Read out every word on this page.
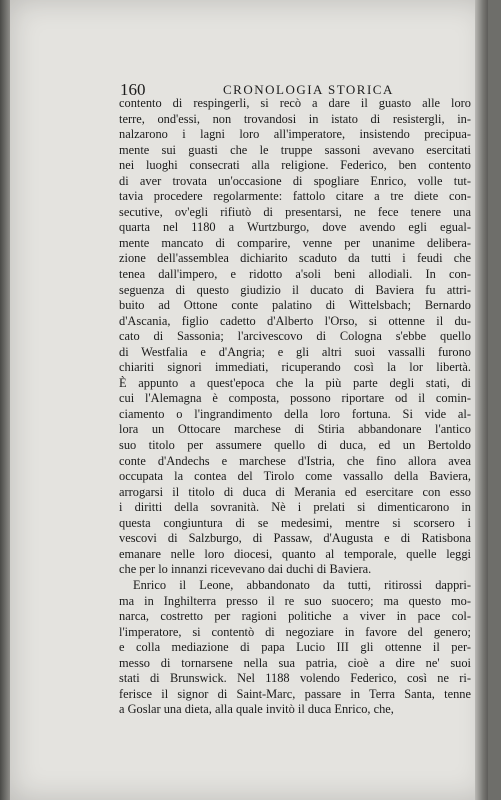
160	CRONOLOGIA STORICA
contento di respingerli, si recò a dare il guasto alle loro
terre, ond'essi, non trovandosi in istato di resistergli, in-
nalzarono i lagni loro all'imperatore, insistendo precipua-
mente sui guasti che le truppe sassoni avevano esercitati
nei luoghi consecrati alla religione. Federico, ben contento
di aver trovata un'occasione di spogliare Enrico, volle tut-
tavia procedere regolarmente: fattolo citare a tre diete con-
secutive, ov'egli rifiutò di presentarsi, ne fece tenere una
quarta nel 1180 a Wurtzburgo, dove avendo egli egual-
mente mancato di comparire, venne per unanime delibera-
zione dell'assemblea dichiarito scaduto da tutti i feudi che
tenea dall'impero, e ridotto a'soli beni allodiali. In con-
seguenza di questo giudizio il ducato di Baviera fu attri-
buito ad Ottone conte palatino di Wittelsbach; Bernardo
d'Ascania, figlio cadetto d'Alberto l'Orso, si ottenne il du-
cato di Sassonia; l'arcivescovo di Cologna s'ebbe quello
di Westfalia e d'Angria; e gli altri suoi vassalli furono
chiariti signori immediati, ricuperando così la lor libertà.
È appunto a quest'epoca che la più parte degli stati, di
cui l'Alemagna è composta, possono riportare od il comin-
ciamento o l'ingrandimento della loro fortuna. Si vide al-
lora un Ottocare marchese di Stiria abbandonare l'antico
suo titolo per assumere quello di duca, ed un Bertoldo
conte d'Andechs e marchese d'Istria, che fino allora avea
occupata la contea del Tirolo come vassallo della Baviera,
arrogarsi il titolo di duca di Merania ed esercitare con esso
i diritti della sovranità. Nè i prelati si dimenticarono in
questa congiuntura di se medesimi, mentre si scorsero i
vescovi di Salzburgo, di Passaw, d'Augusta e di Ratisbona
emanare nelle loro diocesi, quanto al temporale, quelle leggi
che per lo innanzi ricevevano dai duchi di Baviera.
Enrico il Leone, abbandonato da tutti, ritirossi dappri-
ma in Inghilterra presso il re suo suocero; ma questo mo-
narca, costretto per ragioni politiche a viver in pace col-
l'imperatore, si contentò di negoziare in favore del genero;
e colla mediazione di papa Lucio III gli ottenne il per-
messo di tornarsene nella sua patria, cioè a dire ne' suoi
stati di Brunswick. Nel 1188 volendo Federico, così ne ri-
ferisce il signor di Saint-Marc, passare in Terra Santa, tenne
a Goslar una dieta, alla quale invitò il duca Enrico, che,
